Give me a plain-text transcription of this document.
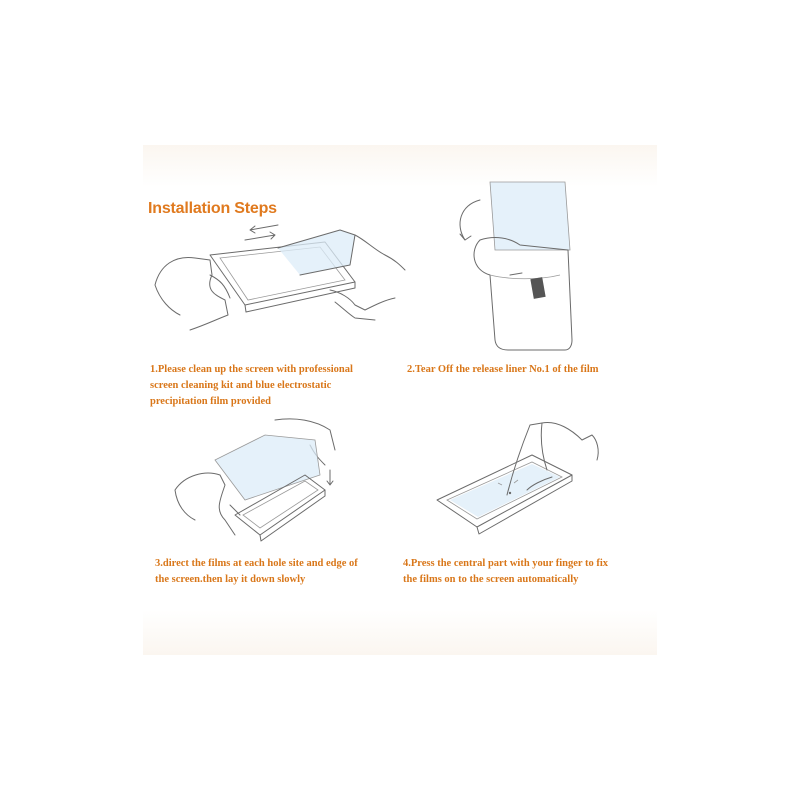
Installation Steps
1.Please clean up the screen with professional
screen cleaning kit and blue electrostatic
precipitation film provided
2.Tear Off the release liner No.1 of the film
3.direct the films at each hole site and edge of
the screen.then lay it down slowly
4.Press the central part with your finger to fix
the films on to the screen automatically
